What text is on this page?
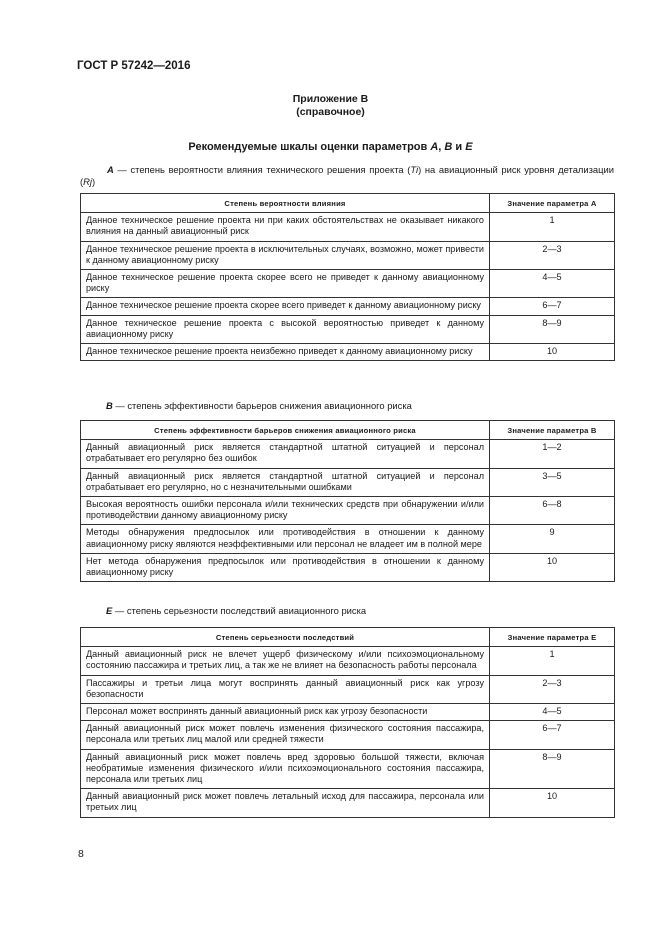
ГОСТ Р 57242—2016
Приложение В
(справочное)
Рекомендуемые шкалы оценки параметров A, B и E
A — степень вероятности влияния технического решения проекта (Ti) на авиационный риск уровня детализации (Rj)
Степень вероятности влияния	Значение параметра А
Данное техническое решение проекта ни при каких обстоятельствах не оказывает никакого влияния на данный авиационный риск	1
Данное техническое решение проекта в исключительных случаях, возможно, может привести к данному авиационному риску	2—3
Данное техническое решение проекта скорее всего не приведет к данному авиационному риску	4—5
Данное техническое решение проекта скорее всего приведет к данному авиационному риску	6—7
Данное техническое решение проекта с высокой вероятностью приведет к данному авиационному риску	8—9
Данное техническое решение проекта неизбежно приведет к данному авиационному риску	10
B — степень эффективности барьеров снижения авиационного риска
Степень эффективности барьеров снижения авиационного риска	Значение параметра В
Данный авиационный риск является стандартной штатной ситуацией и персонал отрабатывает его регулярно без ошибок	1—2
Данный авиационный риск является стандартной штатной ситуацией и персонал отрабатывает его регулярно, но с незначительными ошибками	3—5
Высокая вероятность ошибки персонала и/или технических средств при обнаружении и/или противодействии данному авиационному риску	6—8
Методы обнаружения предпосылок или противодействия в отношении к данному авиационному риску являются неэффективными или персонал не владеет им в полной мере	9
Нет метода обнаружения предпосылок или противодействия в отношении к данному авиационному риску	10
E — степень серьезности последствий авиационного риска
Степень серьезности последствий	Значение параметра Е
Данный авиационный риск не влечет ущерб физическому и/или психоэмоциональному состоянию пассажира и третьих лиц, а так же не влияет на безопасность работы персонала	1
Пассажиры и третьи лица могут воспринять данный авиационный риск как угрозу безопасности	2—3
Персонал может воспринять данный авиационный риск как угрозу безопасности	4—5
Данный авиационный риск может повлечь изменения физического состояния пассажира, персонала или третьих лиц малой или средней тяжести	6—7
Данный авиационный риск может повлечь вред здоровью большой тяжести, включая необратимые изменения физического и/или психоэмоционального состояния пассажира, персонала или третьих лиц	8—9
Данный авиационный риск может повлечь летальный исход для пассажира, персонала или третьих лиц	10
8
